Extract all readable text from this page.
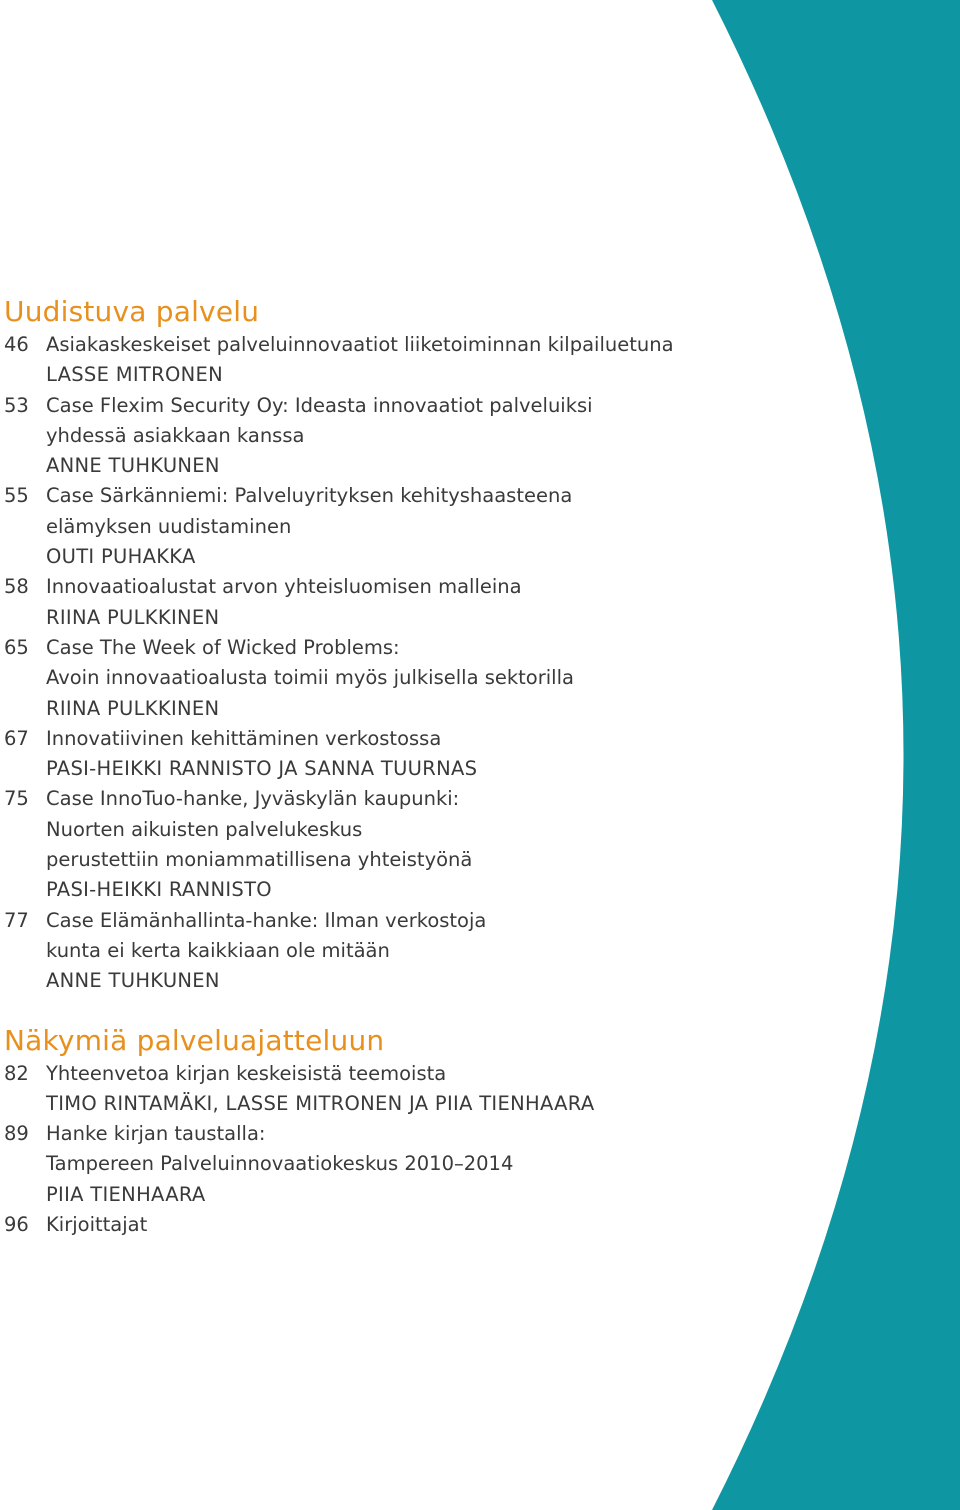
Uudistuva palvelu
46 Asiakaskeskeiset palveluinnovaatiot liiketoiminnan kilpailuetuna
LASSE MITRONEN
53 Case Flexim Security Oy: Ideasta innovaatiot palveluiksi
yhdessä asiakkaan kanssa
ANNE TUHKUNEN
55 Case Särkänniemi: Palveluyrityksen kehityshaasteena
elämyksen uudistaminen
OUTI PUHAKKA
58 Innovaatioalustat arvon yhteisluomisen malleina
RIINA PULKKINEN
65 Case The Week of Wicked Problems:
Avoin innovaatioalusta toimii myös julkisella sektorilla
RIINA PULKKINEN
67 Innovatiivinen kehittäminen verkostossa
PASI-HEIKKI RANNISTO JA SANNA TUURNAS
75 Case InnoTuo-hanke, Jyväskylän kaupunki:
Nuorten aikuisten palvelukeskus
perustettiin moniammatillisena yhteistyönä
PASI-HEIKKI RANNISTO
77 Case Elämänhallinta-hanke: Ilman verkostoja
kunta ei kerta kaikkiaan ole mitään
ANNE TUHKUNEN
Näkymiä palveluajatteluun
82 Yhteenvetoa kirjan keskeisistä teemoista
TIMO RINTAMÄKI, LASSE MITRONEN JA PIIA TIENHAARA
89 Hanke kirjan taustalla:
Tampereen Palveluinnovaatiokeskus 2010–2014
PIIA TIENHAARA
96 Kirjoittajat
